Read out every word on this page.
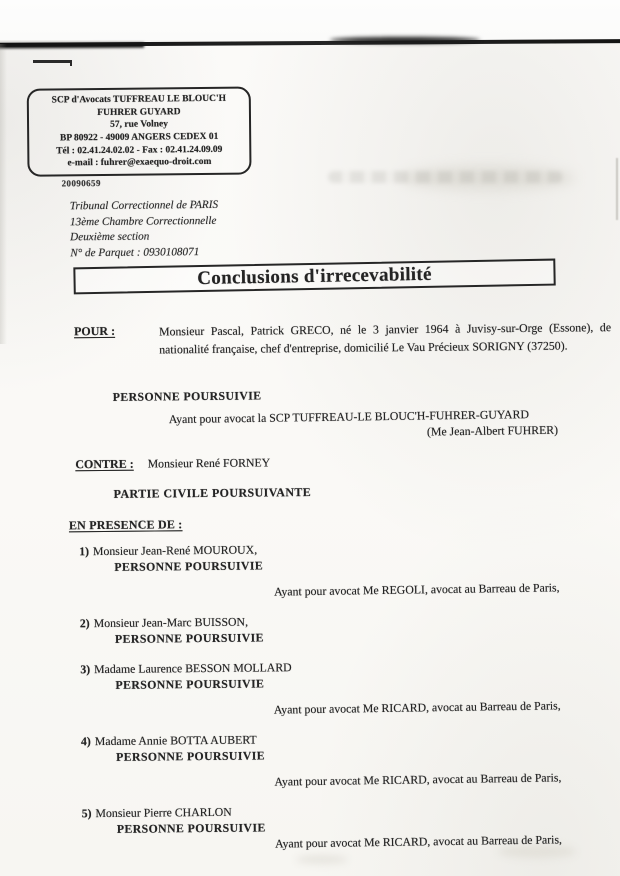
SCP d'Avocats TUFFREAU LE BLOUC'H
FUHRER GUYARD
57, rue Volney
BP 80922 - 49009 ANGERS CEDEX 01
Tél : 02.41.24.02.02 - Fax : 02.41.24.09.09
e-mail : fuhrer@exaequo-droit.com
20090659
Tribunal Correctionnel de PARIS
13ème Chambre Correctionnelle
Deuxième section
N° de Parquet : 0930108071
Conclusions d'irrecevabilité
POUR :	Monsieur Pascal, Patrick GRECO, né le 3 janvier 1964 à Juvisy-sur-Orge (Essone), de nationalité française, chef d'entreprise, domicilié Le Vau Précieux SORIGNY (37250).
PERSONNE POURSUIVIE
Ayant pour avocat la SCP TUFFREAU-LE BLOUC'H-FUHRER-GUYARD
(Me Jean-Albert FUHRER)
CONTRE : Monsieur René FORNEY
PARTIE CIVILE POURSUIVANTE
EN PRESENCE DE :
1) Monsieur Jean-René MOUROUX,
PERSONNE POURSUIVIE
Ayant pour avocat Me REGOLI, avocat au Barreau de Paris,
2) Monsieur Jean-Marc BUISSON,
PERSONNE POURSUIVIE
3) Madame Laurence BESSON MOLLARD
PERSONNE POURSUIVIE
Ayant pour avocat Me RICARD, avocat au Barreau de Paris,
4) Madame Annie BOTTA AUBERT
PERSONNE POURSUIVIE
Ayant pour avocat Me RICARD, avocat au Barreau de Paris,
5) Monsieur Pierre CHARLON
PERSONNE POURSUIVIE
Ayant pour avocat Me RICARD, avocat au Barreau de Paris,
